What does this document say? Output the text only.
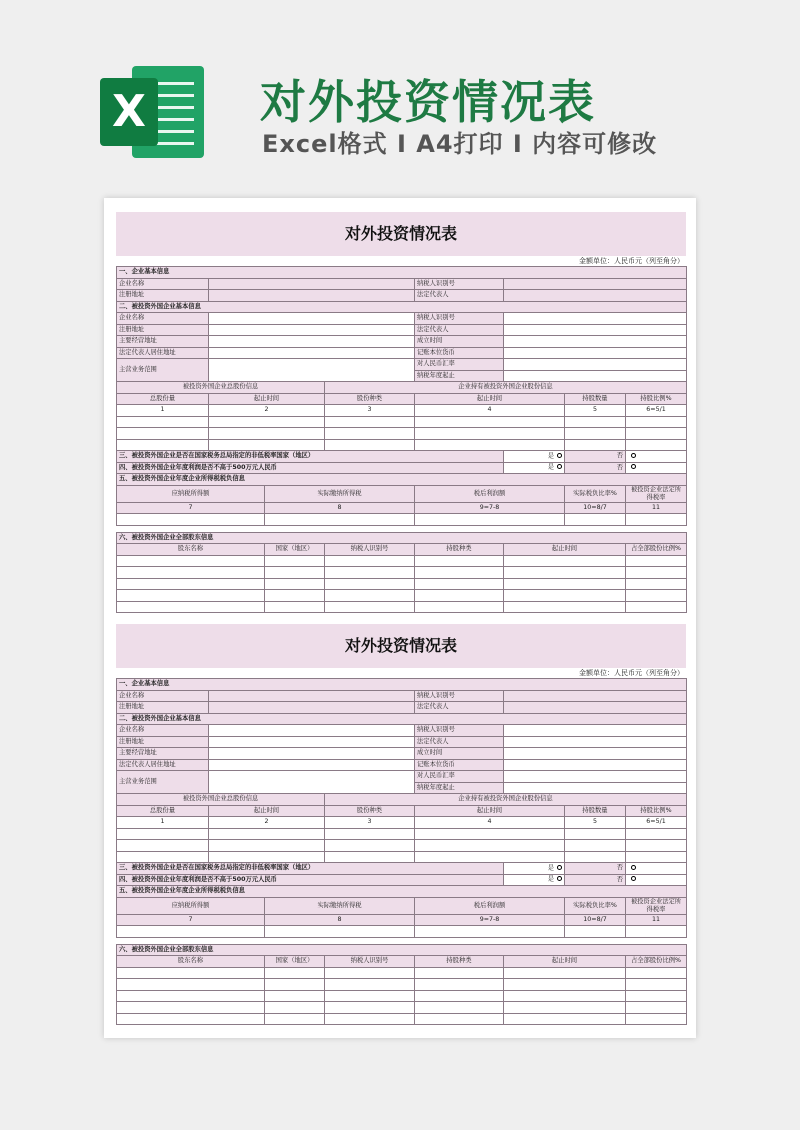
X 对外投资情况表
Excel格式 I A4打印 I 内容可修改
对外投资情况表
金额单位：人民币元（列至角分）
一、企业基本信息							
企业名称				纳税人识别号			
注册地址				法定代表人			
二、被投资外国企业基本信息							
企业名称				纳税人识别号			
注册地址				法定代表人			
主要经营地址				成立时间			
法定代表人居住地址				记账本位货币			
主营业务范围				对人民币汇率			
				纳税年度起止			
被投资外国企业总股份信息			企业持有被投资外国企业股份信息				
总股份量	起止时间		股份种类	起止时间		持股数量	持股比例%
1	2		3	4		5	6=5/1

三、被投资外国企业是否在国家税务总局指定的非低税率国家（地区）					是	否	
四、被投资外国企业年度利润是否不高于500万元人民币					是	否	
五、被投资外国企业年度企业所得税税负信息							
应纳税所得额		实际缴纳所得税		税后利润额		实际税负比率%	被投资企业法定所得税率
7		8		9=7-8		10=8/7	11

六、被投资外国企业全部股东信息							
股东名称		国家（地区）	纳税人识别号	持股种类	起止时间		占全部股份比例%

对外投资情况表
金额单位：人民币元（列至角分）
一、企业基本信息							
企业名称				纳税人识别号			
注册地址				法定代表人			
二、被投资外国企业基本信息							
企业名称				纳税人识别号			
注册地址				法定代表人			
主要经营地址				成立时间			
法定代表人居住地址				记账本位货币			
主营业务范围				对人民币汇率			
				纳税年度起止			
被投资外国企业总股份信息			企业持有被投资外国企业股份信息				
总股份量	起止时间		股份种类	起止时间		持股数量	持股比例%
1	2		3	4		5	6=5/1

三、被投资外国企业是否在国家税务总局指定的非低税率国家（地区）					是	否	
四、被投资外国企业年度利润是否不高于500万元人民币					是	否	
五、被投资外国企业年度企业所得税税负信息							
应纳税所得额		实际缴纳所得税		税后利润额		实际税负比率%	被投资企业法定所得税率
7		8		9=7-8		10=8/7	11

六、被投资外国企业全部股东信息							
股东名称		国家（地区）	纳税人识别号	持股种类	起止时间		占全部股份比例%
